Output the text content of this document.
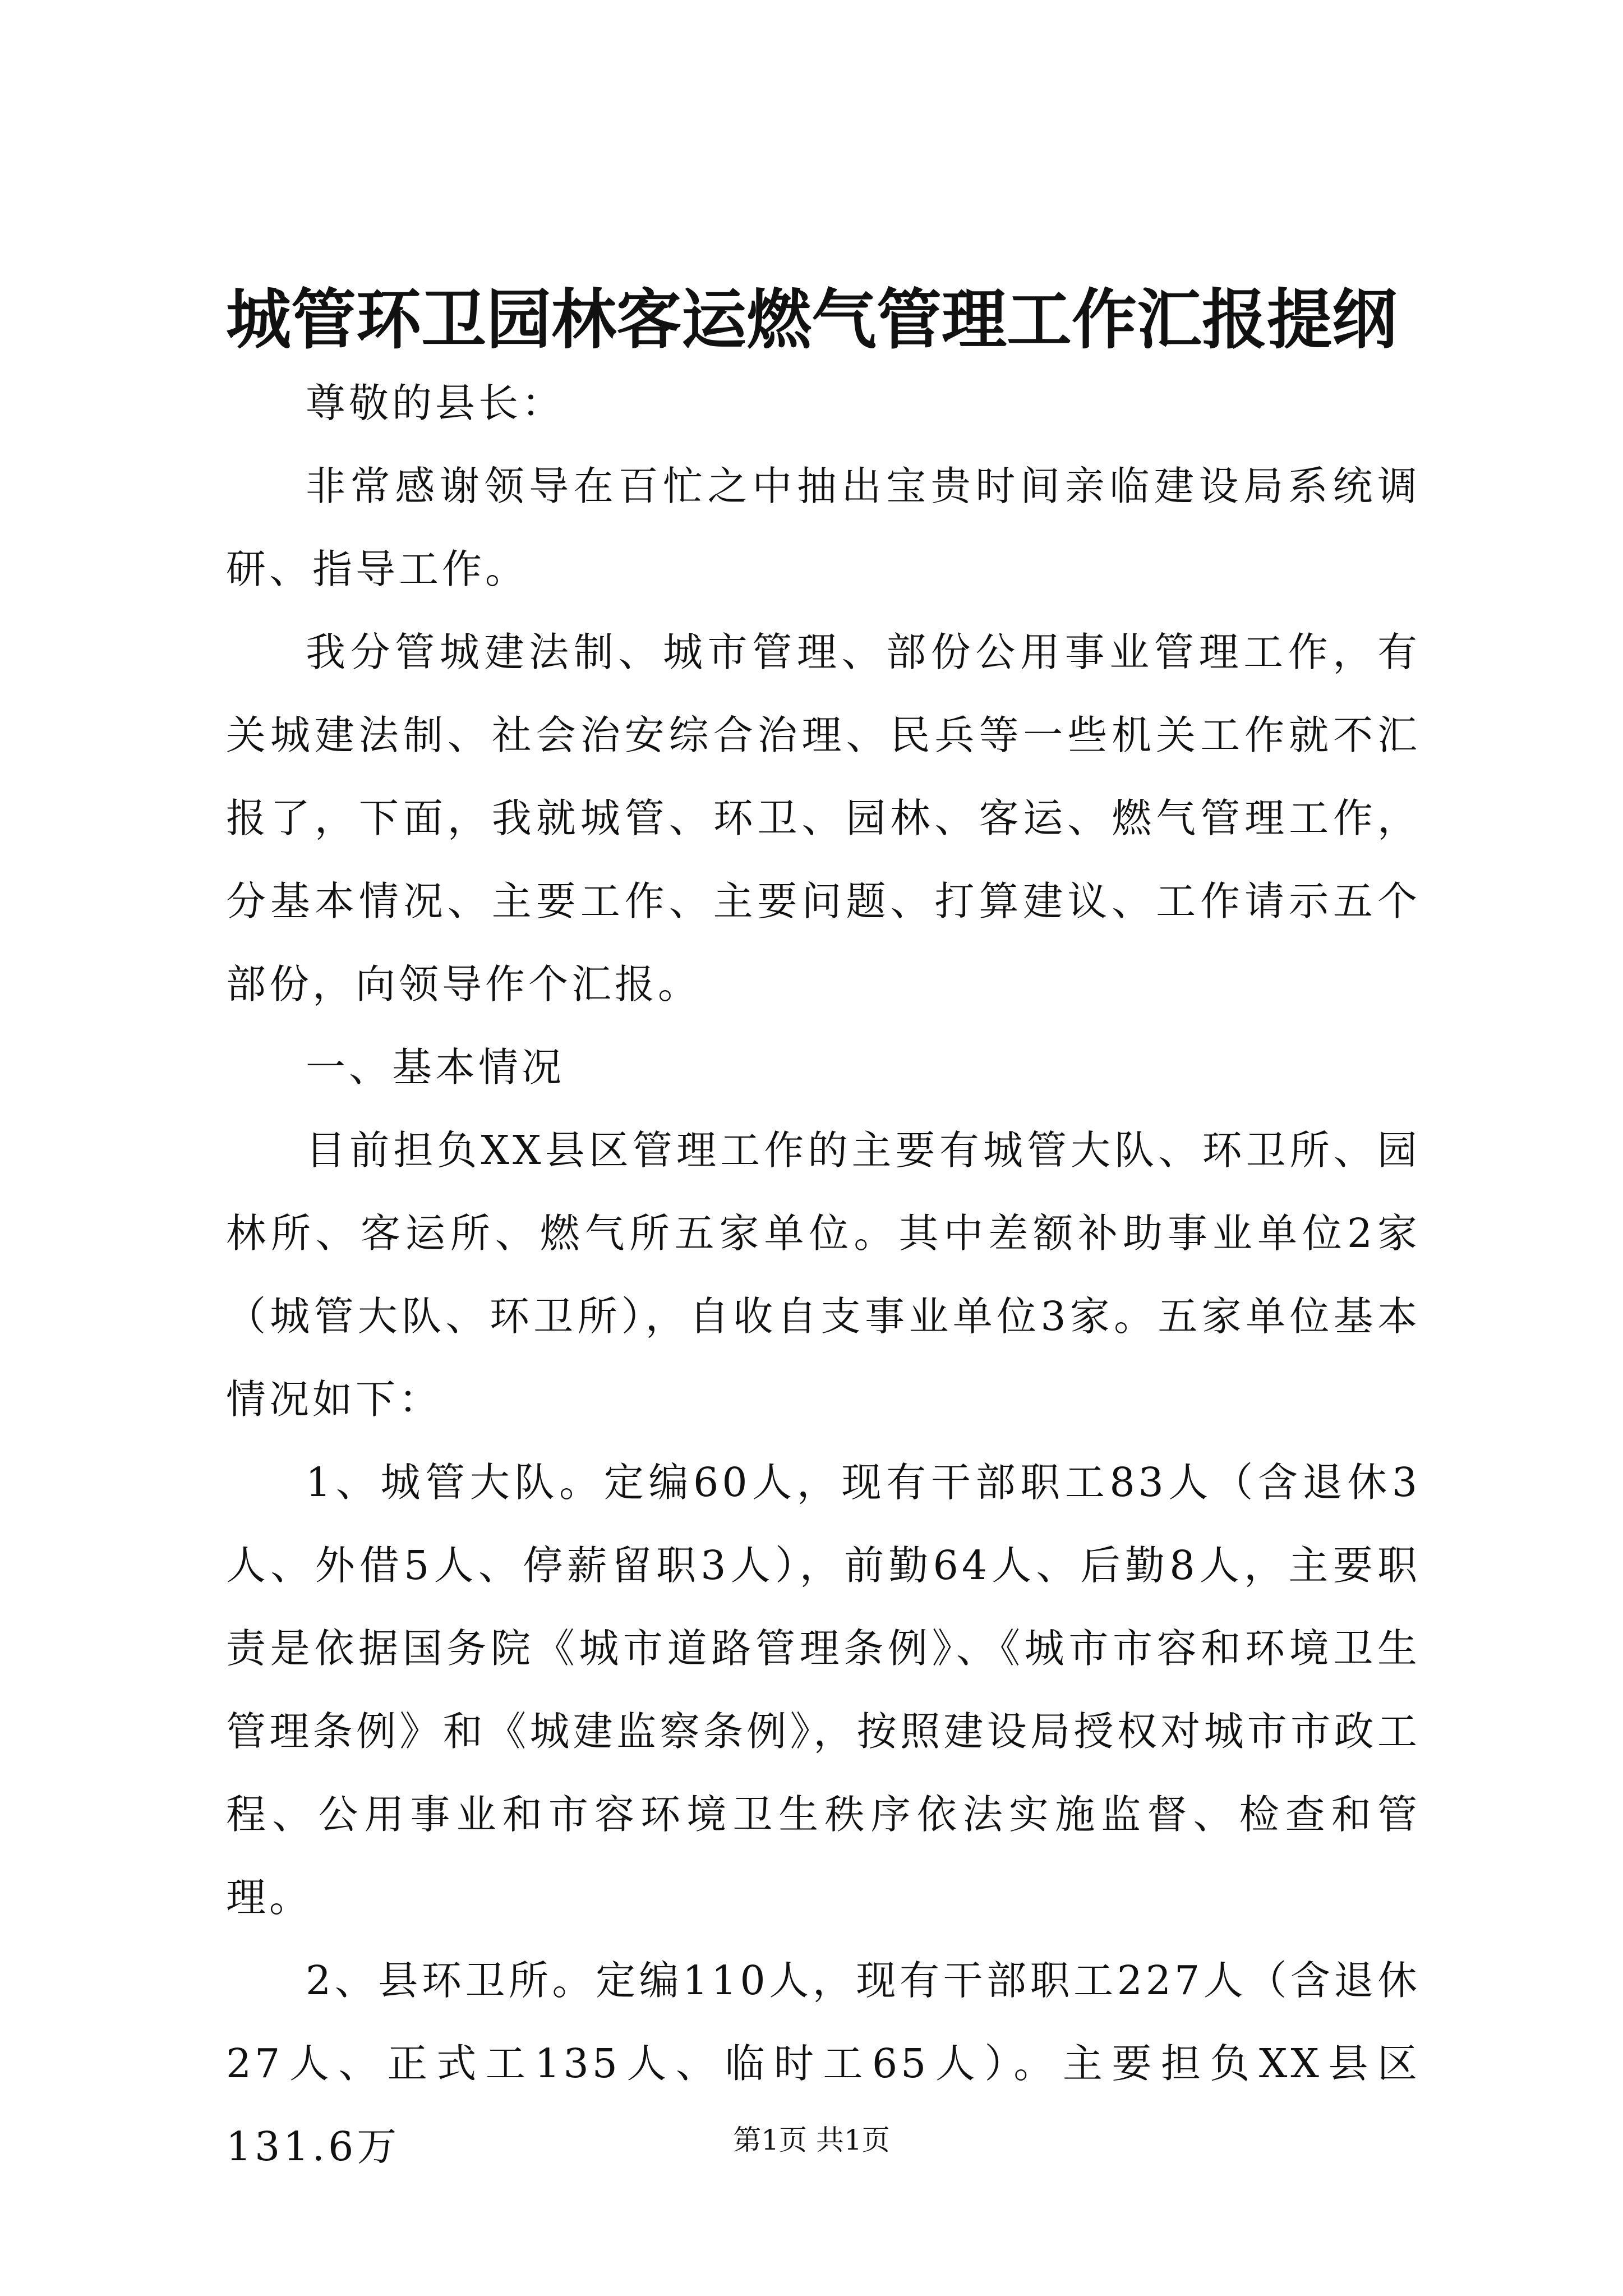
城管环卫园林客运燃气管理工作汇报提纲

尊敬的县长：

非常感谢领导在百忙之中抽出宝贵时间亲临建设局系统调研、指导工作。

我分管城建法制、城市管理、部份公用事业管理工作，有关城建法制、社会治安综合治理、民兵等一些机关工作就不汇报了，下面，我就城管、环卫、园林、客运、燃气管理工作，分基本情况、主要工作、主要问题、打算建议、工作请示五个部份，向领导作个汇报。

一、基本情况

目前担负XX县区管理工作的主要有城管大队、环卫所、园林所、客运所、燃气所五家单位。其中差额补助事业单位2家（城管大队、环卫所），自收自支事业单位3家。五家单位基本情况如下：

1、城管大队。定编60人，现有干部职工83人（含退休3人、外借5人、停薪留职3人），前勤64人、后勤8人，主要职责是依据国务院《城市道路管理条例》、《城市市容和环境卫生管理条例》和《城建监察条例》，按照建设局授权对城市市政工程、公用事业和市容环境卫生秩序依法实施监督、检查和管理。

2、县环卫所。定编110人，现有干部职工227人（含退休27人、正式工135人、临时工65人）。主要担负XX县区131.6万	第1页 共1页
